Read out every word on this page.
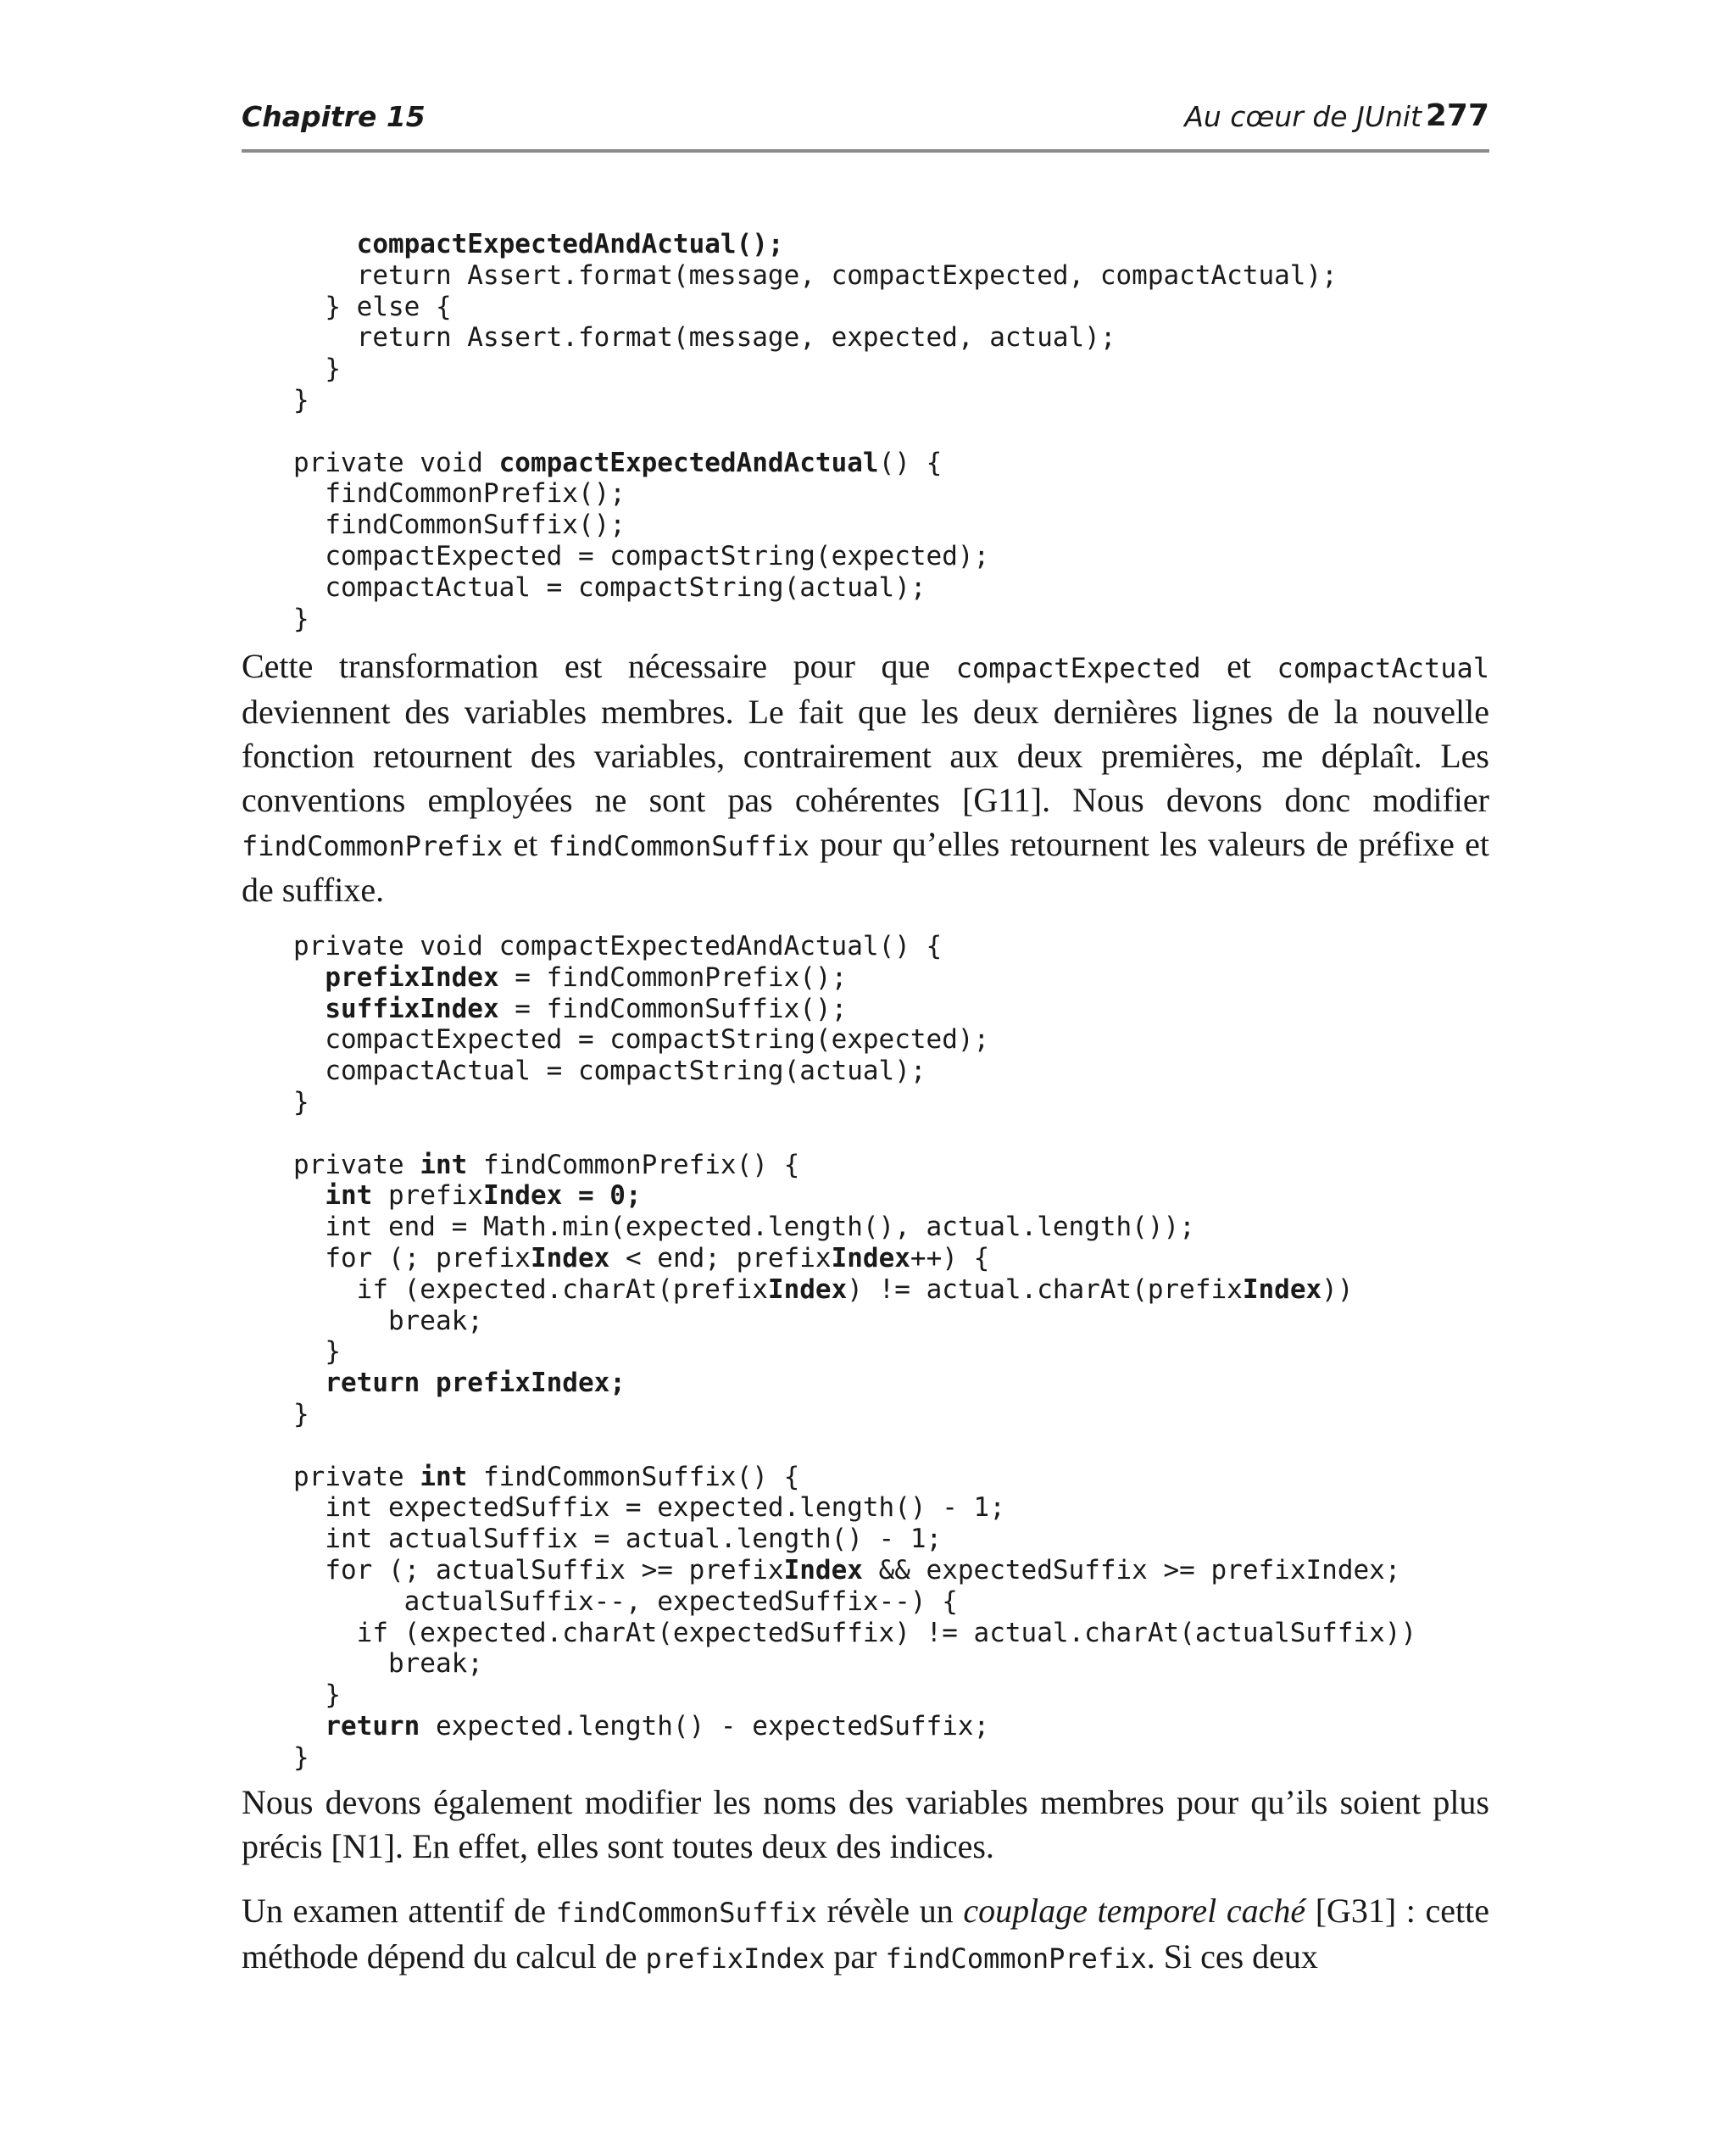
Chapitre 15	Au cœur de JUnit 277
compactExpectedAndActual();
return Assert.format(message, compactExpected, compactActual);
} else {
return Assert.format(message, expected, actual);
}
}
private void compactExpectedAndActual() {
findCommonPrefix();
findCommonSuffix();
compactExpected = compactString(expected);
compactActual = compactString(actual);
}

Cette transformation est nécessaire pour que compactExpected et compactActual deviennent des variables membres. Le fait que les deux dernières lignes de la nouvelle fonction retournent des variables, contrairement aux deux premières, me déplaît. Les conventions employées ne sont pas cohérentes [G11]. Nous devons donc modifier findCommonPrefix et findCommonSuffix pour qu’elles retournent les valeurs de préfixe et de suffixe.

private void compactExpectedAndActual() {
prefixIndex = findCommonPrefix();
suffixIndex = findCommonSuffix();
compactExpected = compactString(expected);
compactActual = compactString(actual);
}
private int findCommonPrefix() {
int prefixIndex = 0;
int end = Math.min(expected.length(), actual.length());
for (; prefixIndex < end; prefixIndex++) {
if (expected.charAt(prefixIndex) != actual.charAt(prefixIndex))
break;
}
return prefixIndex;
}
private int findCommonSuffix() {
int expectedSuffix = expected.length() - 1;
int actualSuffix = actual.length() - 1;
for (; actualSuffix >= prefixIndex && expectedSuffix >= prefixIndex;
actualSuffix--, expectedSuffix--) {
if (expected.charAt(expectedSuffix) != actual.charAt(actualSuffix))
break;
}
return expected.length() - expectedSuffix;
}

Nous devons également modifier les noms des variables membres pour qu’ils soient plus précis [N1]. En effet, elles sont toutes deux des indices.

Un examen attentif de findCommonSuffix révèle un couplage temporel caché [G31] : cette méthode dépend du calcul de prefixIndex par findCommonPrefix. Si ces deux
